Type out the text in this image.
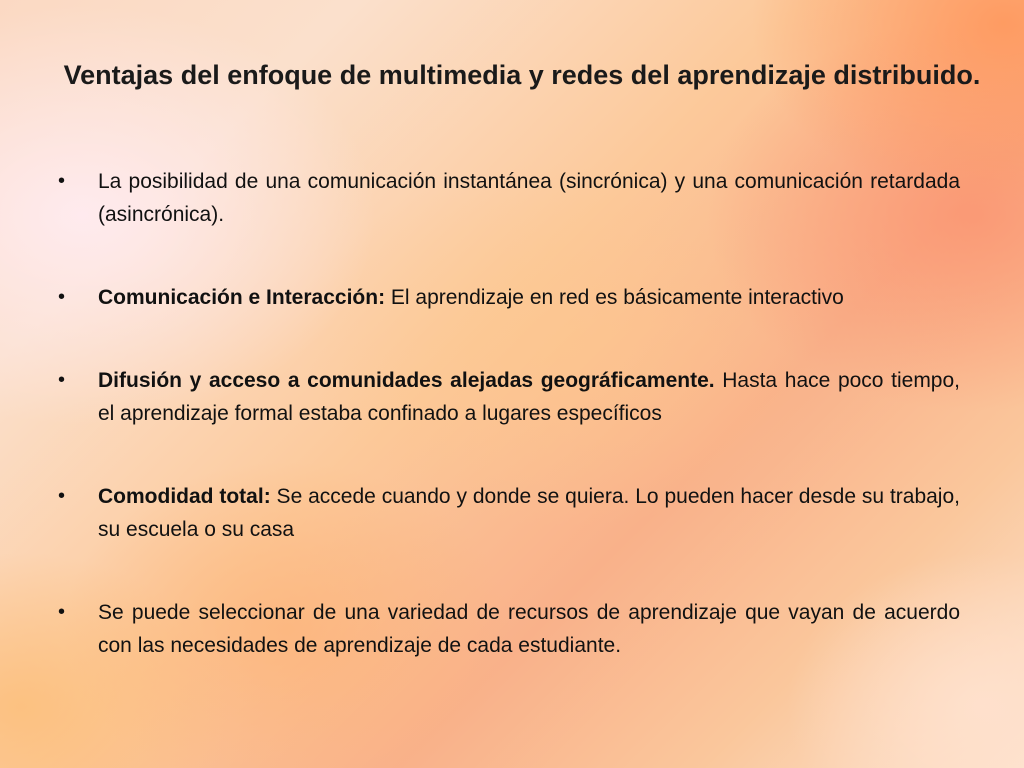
Ventajas del enfoque de multimedia y redes del aprendizaje distribuido.
• La posibilidad de una comunicación instantánea (sincrónica) y una comunicación retardada (asincrónica).
• Comunicación e Interacción: El aprendizaje en red es básicamente interactivo
• Difusión y acceso a comunidades alejadas geográficamente. Hasta hace poco tiempo, el aprendizaje formal estaba confinado a lugares específicos
• Comodidad total: Se accede cuando y donde se quiera. Lo pueden hacer desde su trabajo, su escuela o su casa
• Se puede seleccionar de una variedad de recursos de aprendizaje que vayan de acuerdo con las necesidades de aprendizaje de cada estudiante.
